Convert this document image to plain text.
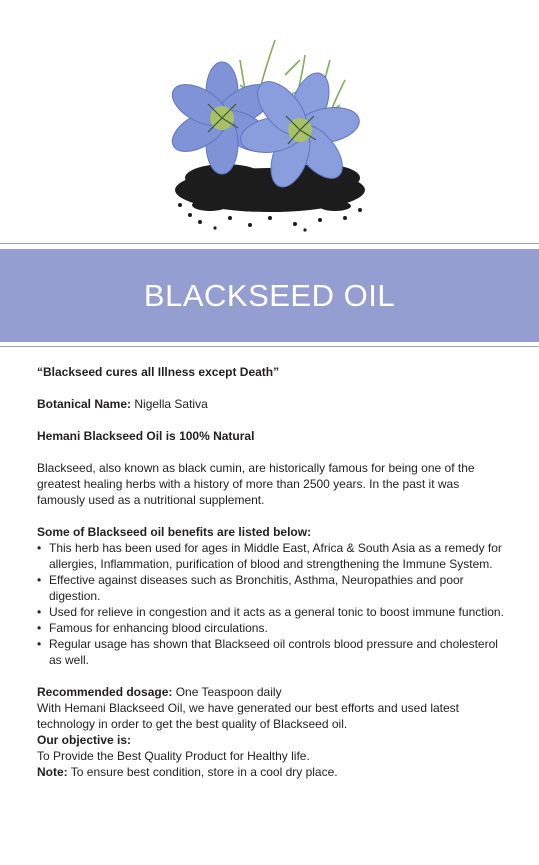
BLACKSEED OIL

“Blackseed cures all Illness except Death”

Botanical Name: Nigella Sativa

Hemani Blackseed Oil is 100% Natural

Blackseed, also known as black cumin, are historically famous for being one of the greatest healing herbs with a history of more than 2500 years. In the past it was famously used as a nutritional supplement.

Some of Blackseed oil benefits are listed below:

• This herb has been used for ages in Middle East, Africa & South Asia as a remedy for allergies, Inflammation, purification of blood and strengthening the Immune System.
• Effective against diseases such as Bronchitis, Asthma, Neuropathies and poor digestion.
• Used for relieve in congestion and it acts as a general tonic to boost immune function.
• Famous for enhancing blood circulations.
• Regular usage has shown that Blackseed oil controls blood pressure and cholesterol as well.

Recommended dosage: One Teaspoon daily

With Hemani Blackseed Oil, we have generated our best efforts and used latest technology in order to get the best quality of Blackseed oil.

Our objective is:

To Provide the Best Quality Product for Healthy life.

Note: To ensure best condition, store in a cool dry place.
